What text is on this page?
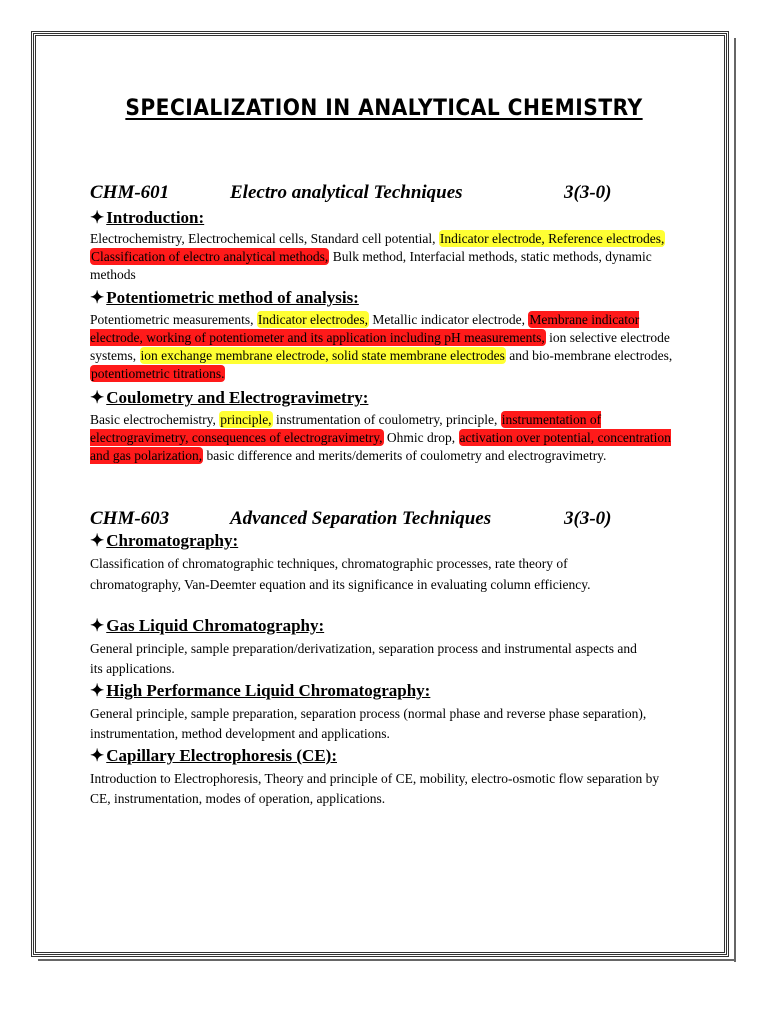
SPECIALIZATION IN ANALYTICAL CHEMISTRY
CHM-601	Electro analytical Techniques	3(3-0)
✦ Introduction:
Electrochemistry, Electrochemical cells, Standard cell potential, Indicator electrode, Reference electrodes, Classification of electro analytical methods, Bulk method, Interfacial methods, static methods, dynamic methods
✦ Potentiometric method of analysis:
Potentiometric measurements, Indicator electrodes, Metallic indicator electrode, Membrane indicator electrode, working of potentiometer and its application including pH measurements, ion selective electrode systems, ion exchange membrane electrode, solid state membrane electrodes and bio-membrane electrodes, potentiometric titrations.
✦ Coulometry and Electrogravimetry:
Basic electrochemistry, principle, instrumentation of coulometry, principle, instrumentation of electrogravimetry, consequences of electrogravimetry, Ohmic drop, activation over potential, concentration and gas polarization, basic difference and merits/demerits of coulometry and electrogravimetry.
CHM-603	Advanced Separation Techniques	3(3-0)
✦ Chromatography:
Classification of chromatographic techniques, chromatographic processes, rate theory of chromatography, Van-Deemter equation and its significance in evaluating column efficiency.
✦ Gas Liquid Chromatography:
General principle, sample preparation/derivatization, separation process and instrumental aspects and its applications.
✦ High Performance Liquid Chromatography:
General principle, sample preparation, separation process (normal phase and reverse phase separation), instrumentation, method development and applications.
✦ Capillary Electrophoresis (CE):
Introduction to Electrophoresis, Theory and principle of CE, mobility, electro-osmotic flow separation by CE, instrumentation, modes of operation, applications.
